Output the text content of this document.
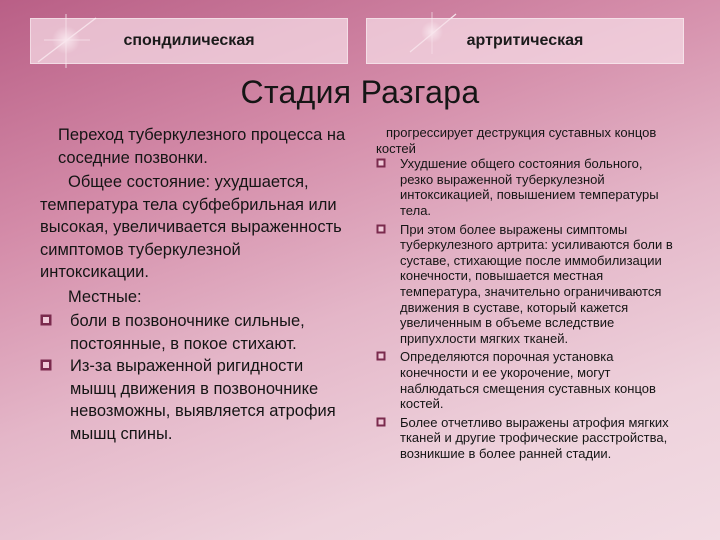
спондилическая	артритическая
Стадия Разгара

Переход туберкулезного процесса на соседние позвонки.

Общее состояние: ухудшается, температура тела субфебрильная или высокая, увеличивается выраженность симптомов туберкулезной интоксикации.

Местные:

боли в позвоночнике сильные, постоянные, в покое стихают.

Из-за выраженной ригидности мышц движения в позвоночнике невозможны, выявляется атрофия мышц спины.

прогрессирует деструкция суставных концов костей

Ухудшение общего состояния больного, резко выраженной туберкулезной интоксикацией, повышением температуры тела.

При этом более выражены симптомы туберкулезного артрита: усиливаются боли в суставе, стихающие после иммобилизации конечности, повышается местная температура, значительно ограничиваются движения в суставе, который кажется увеличенным в объеме вследствие припухлости мягких тканей.

Определяются порочная установка конечности и ее укорочение, могут наблюдаться смещения суставных концов костей.

Более отчетливо выражены атрофия мягких тканей и другие трофические расстройства, возникшие в более ранней стадии.
